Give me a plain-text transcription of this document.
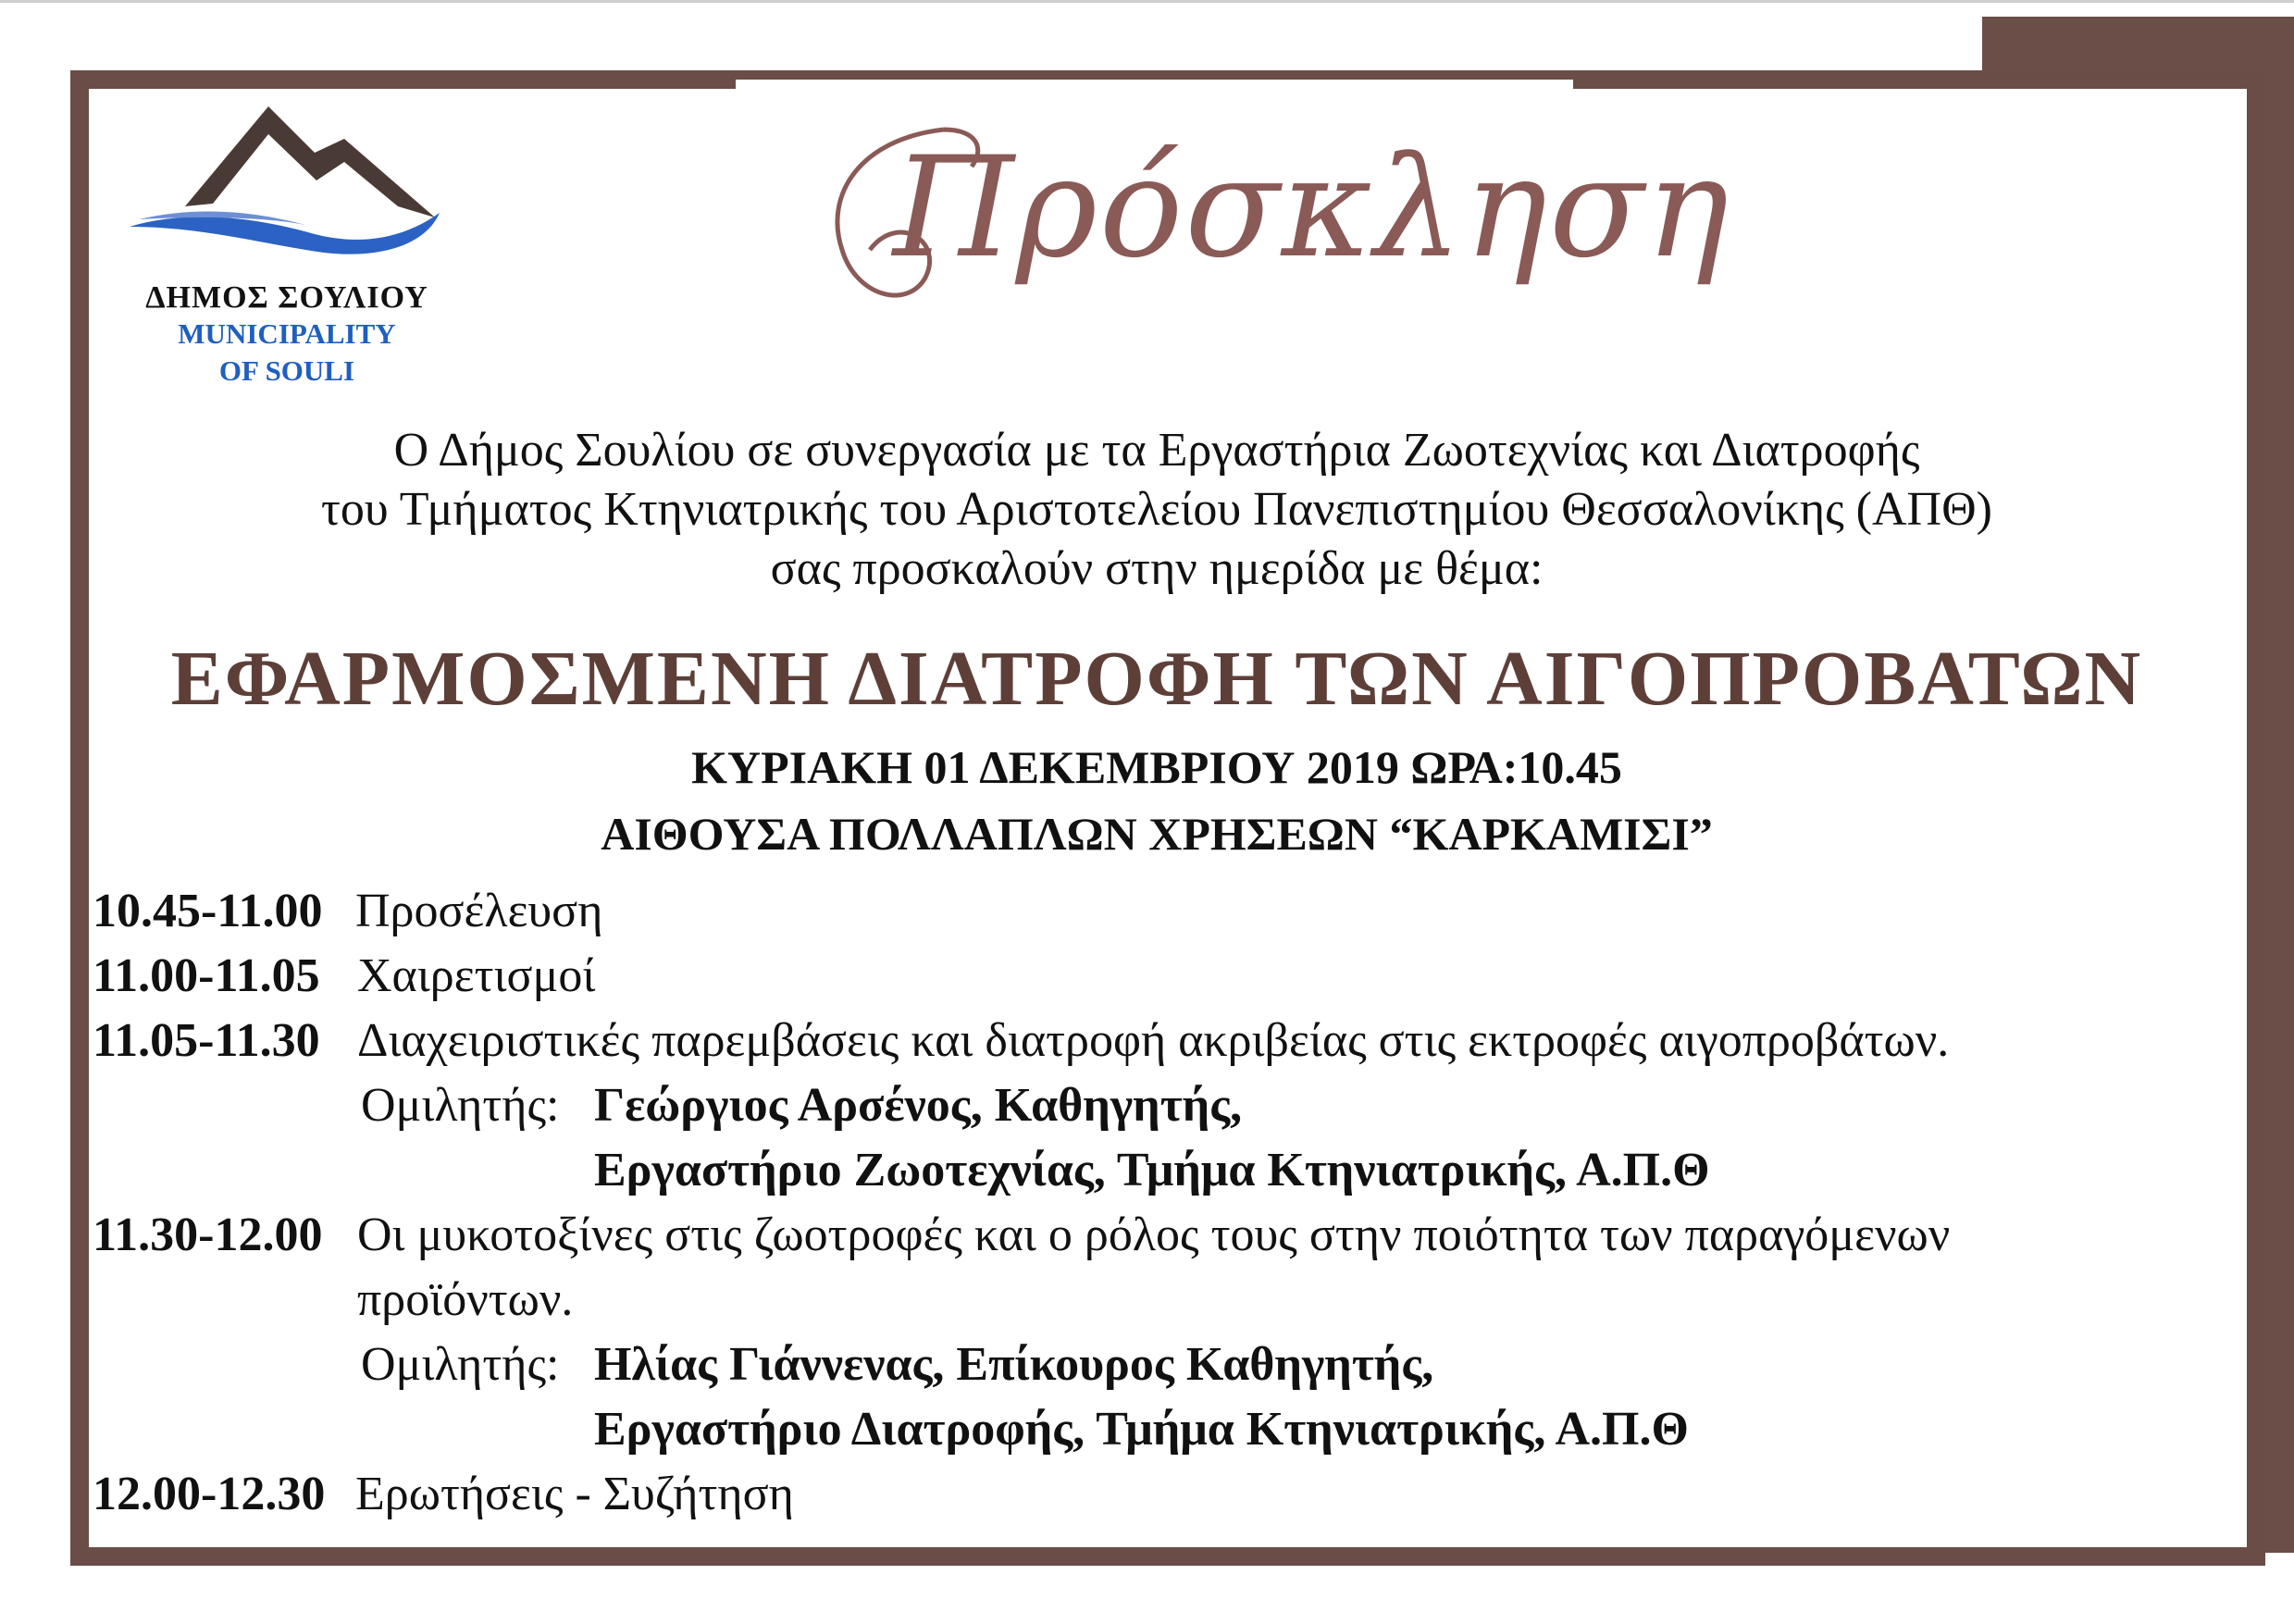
ΔΗΜΟΣ ΣΟΥΛΙΟΥ
MUNICIPALITY
OF SOULI
Πρόσκληση
Ο Δήμος Σουλίου σε συνεργασία με τα Εργαστήρια Ζωοτεχνίας και Διατροφής
του Τμήματος Κτηνιατρικής του Αριστοτελείου Πανεπιστημίου Θεσσαλονίκης (ΑΠΘ)
σας προσκαλούν στην ημερίδα με θέμα:
ΕΦΑΡΜΟΣΜΕΝΗ ΔΙΑΤΡΟΦΗ ΤΩΝ ΑΙΓΟΠΡΟΒΑΤΩΝ
ΚΥΡΙΑΚΗ 01 ΔΕΚΕΜΒΡΙΟΥ 2019 ΩΡΑ:10.45
ΑΙΘΟΥΣΑ ΠΟΛΛΑΠΛΩΝ ΧΡΗΣΕΩΝ “ΚΑΡΚΑΜΙΣΙ”
10.45-11.00 Προσέλευση
11.00-11.05 Χαιρετισμοί
11.05-11.30 Διαχειριστικές παρεμβάσεις και διατροφή ακριβείας στις εκτροφές αιγοπροβάτων.
Ομιλητής: Γεώργιος Αρσένος, Καθηγητής,
Εργαστήριο Ζωοτεχνίας, Τμήμα Κτηνιατρικής, Α.Π.Θ
11.30-12.00 Οι μυκοτοξίνες στις ζωοτροφές και ο ρόλος τους στην ποιότητα των παραγόμενων
προϊόντων.
Ομιλητής: Ηλίας Γιάννενας, Επίκουρος Καθηγητής,
Εργαστήριο Διατροφής, Τμήμα Κτηνιατρικής, Α.Π.Θ
12.00-12.30 Ερωτήσεις - Συζήτηση
